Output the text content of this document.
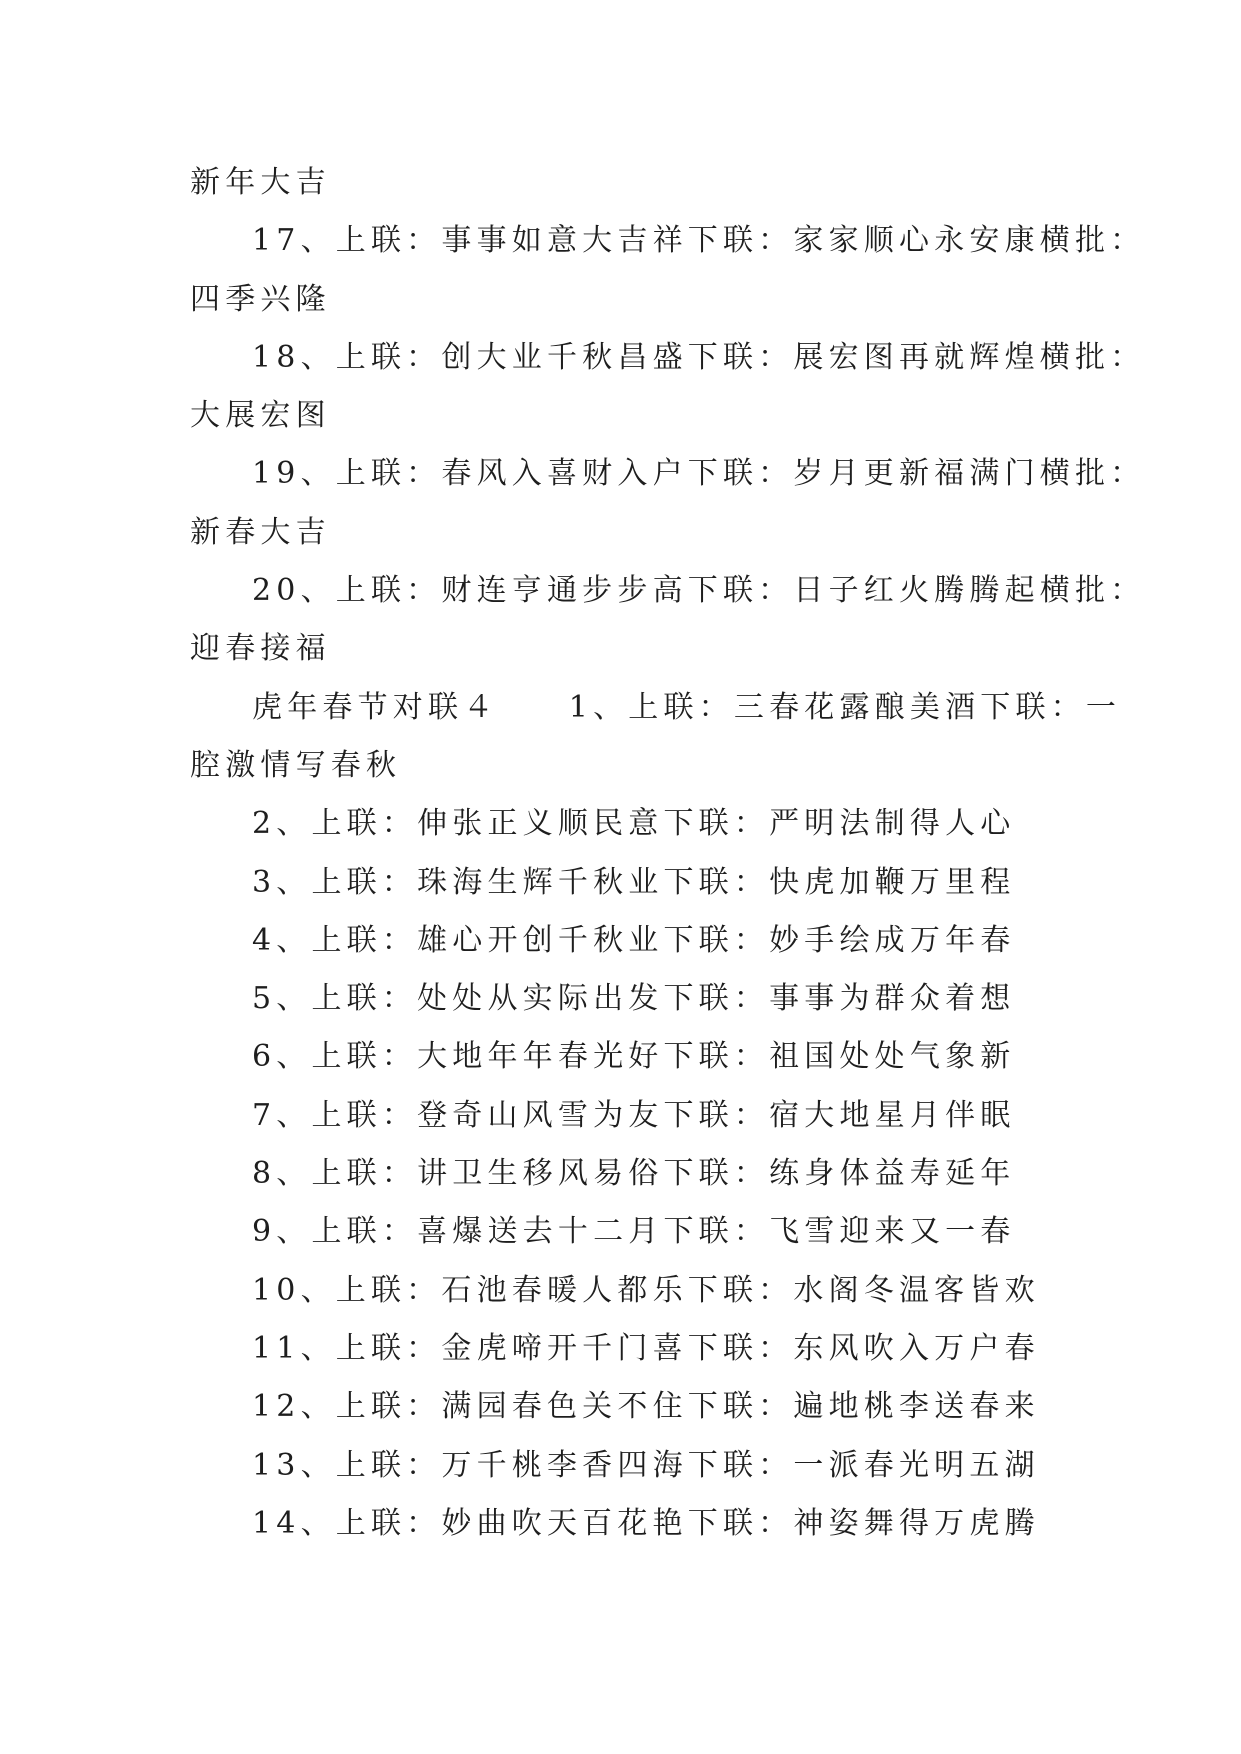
新年大吉
17、上联：事事如意大吉祥下联：家家顺心永安康横批：
四季兴隆
18、上联：创大业千秋昌盛下联：展宏图再就辉煌横批：
大展宏图
19、上联：春风入喜财入户下联：岁月更新福满门横批：
新春大吉
20、上联：财连亨通步步高下联：日子红火腾腾起横批：
迎春接福
虎年春节对联４　　1、上联：三春花露酿美酒下联：一
腔激情写春秋
2、上联：伸张正义顺民意下联：严明法制得人心
3、上联：珠海生辉千秋业下联：快虎加鞭万里程
4、上联：雄心开创千秋业下联：妙手绘成万年春
5、上联：处处从实际出发下联：事事为群众着想
6、上联：大地年年春光好下联：祖国处处气象新
7、上联：登奇山风雪为友下联：宿大地星月伴眠
8、上联：讲卫生移风易俗下联：练身体益寿延年
9、上联：喜爆送去十二月下联：飞雪迎来又一春
10、上联：石池春暖人都乐下联：水阁冬温客皆欢
11、上联：金虎啼开千门喜下联：东风吹入万户春
12、上联：满园春色关不住下联：遍地桃李送春来
13、上联：万千桃李香四海下联：一派春光明五湖
14、上联：妙曲吹天百花艳下联：神姿舞得万虎腾
